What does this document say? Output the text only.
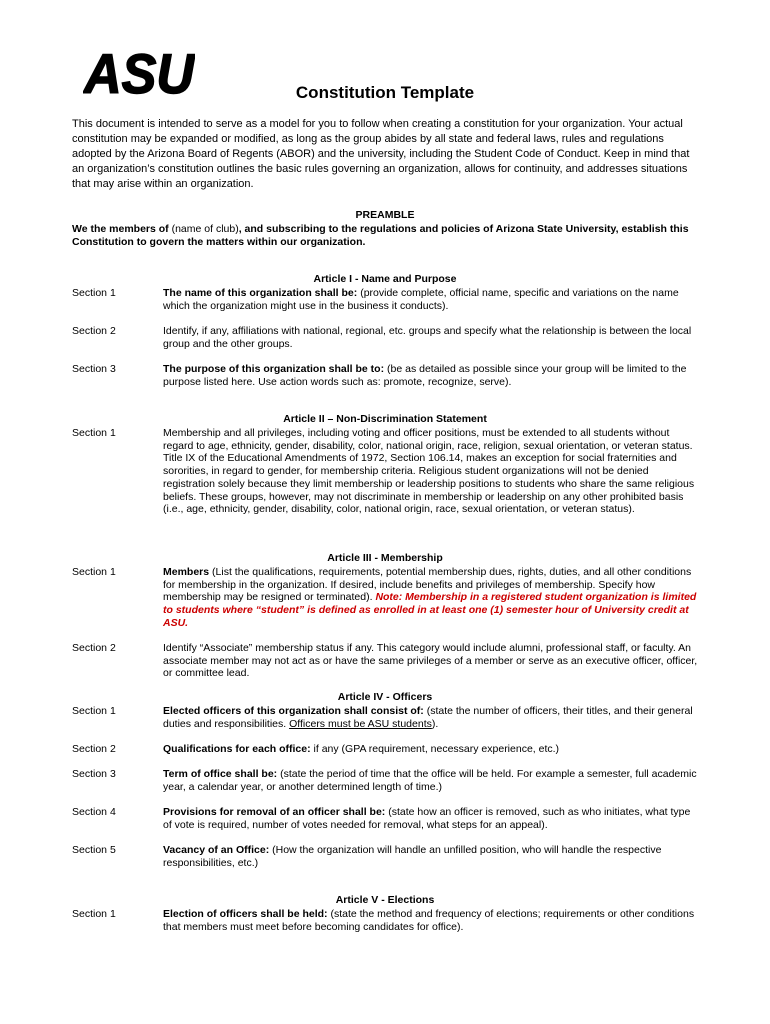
ASU	Constitution Template
This document is intended to serve as a model for you to follow when creating a constitution for your organization. Your actual constitution may be expanded or modified, as long as the group abides by all state and federal laws, rules and regulations adopted by the Arizona Board of Regents (ABOR) and the university, including the Student Code of Conduct. Keep in mind that an organization’s constitution outlines the basic rules governing an organization, allows for continuity, and addresses situations that may arise within an organization.
PREAMBLE
We the members of (name of club), and subscribing to the regulations and policies of Arizona State University, establish this Constitution to govern the matters within our organization.
Article I - Name and Purpose
Section 1	The name of this organization shall be: (provide complete, official name, specific and variations on the name which the organization might use in the business it conducts).
Section 2	Identify, if any, affiliations with national, regional, etc. groups and specify what the relationship is between the local group and the other groups.
Section 3	The purpose of this organization shall be to: (be as detailed as possible since your group will be limited to the purpose listed here. Use action words such as: promote, recognize, serve).
Article II – Non-Discrimination Statement
Section 1	Membership and all privileges, including voting and officer positions, must be extended to all students without regard to age, ethnicity, gender, disability, color, national origin, race, religion, sexual orientation, or veteran status. Title IX of the Educational Amendments of 1972, Section 106.14, makes an exception for social fraternities and sororities, in regard to gender, for membership criteria. Religious student organizations will not be denied registration solely because they limit membership or leadership positions to students who share the same religious beliefs. These groups, however, may not discriminate in membership or leadership on any other prohibited basis (i.e., age, ethnicity, gender, disability, color, national origin, race, sexual orientation, or veteran status).
Article III - Membership
Section 1	Members (List the qualifications, requirements, potential membership dues, rights, duties, and all other conditions for membership in the organization. If desired, include benefits and privileges of membership. Specify how membership may be resigned or terminated). Note: Membership in a registered student organization is limited to students where “student” is defined as enrolled in at least one (1) semester hour of University credit at ASU.
Section 2	Identify “Associate” membership status if any. This category would include alumni, professional staff, or faculty. An associate member may not act as or have the same privileges of a member or serve as an executive officer, officer, or committee lead.
Article IV - Officers
Section 1	Elected officers of this organization shall consist of: (state the number of officers, their titles, and their general duties and responsibilities. Officers must be ASU students).
Section 2	Qualifications for each office: if any (GPA requirement, necessary experience, etc.)
Section 3	Term of office shall be: (state the period of time that the office will be held. For example a semester, full academic year, a calendar year, or another determined length of time.)
Section 4	Provisions for removal of an officer shall be: (state how an officer is removed, such as who initiates, what type of vote is required, number of votes needed for removal, what steps for an appeal).
Section 5	Vacancy of an Office: (How the organization will handle an unfilled position, who will handle the respective responsibilities, etc.)
Article V - Elections
Section 1	Election of officers shall be held: (state the method and frequency of elections; requirements or other conditions that members must meet before becoming candidates for office).
